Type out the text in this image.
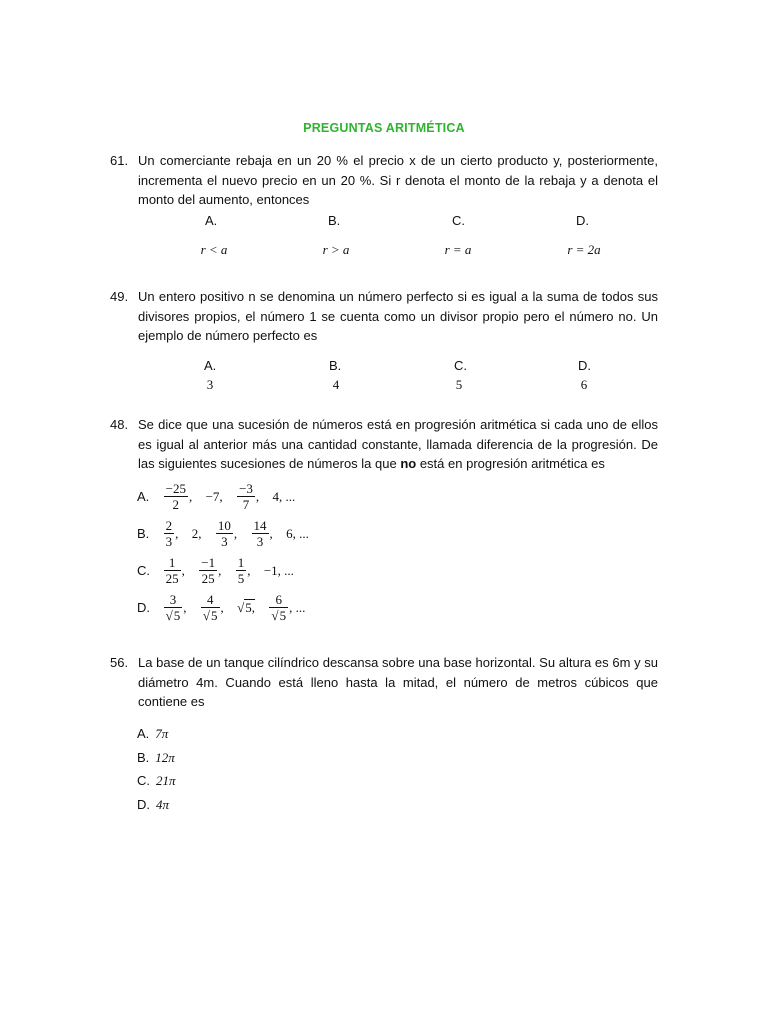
PREGUNTAS ARITMÉTICA
61. Un comerciante rebaja en un 20 % el precio x de un cierto producto y, posteriormente, incrementa el nuevo precio en un 20 %. Si r denota el monto de la rebaja y a denota el monto del aumento, entonces
A.	B.	C.	D.
r < a	r > a	r = a	r = 2a
49. Un entero positivo n se denomina un número perfecto si es igual a la suma de todos sus divisores propios, el número 1 se cuenta como un divisor propio pero el número no. Un ejemplo de número perfecto es
A.	B.	C.	D.
3	4	5	6
48. Se dice que una sucesión de números está en progresión aritmética si cada uno de ellos es igual al anterior más una cantidad constante, llamada diferencia de la progresión. De las siguientes sucesiones de números la que no está en progresión aritmética es
A. $\frac{-25}{2}$ ,    −7, $\frac{-3}{7}$ ,    4, ...
B. $\frac{2}{3}$ ,    2, $\frac{10}{3}$ , $\frac{14}{3}$ ,    6, ...
C. $\frac{1}{25}$ , $\frac{-1}{25}$ , $\frac{1}{5}$ ,    −1, ...
D. $\frac{3}{√5}$ , $\frac{4}{√5}$ ,    √5, $\frac{6}{√5}$ , ...
56. La base de un tanque cilíndrico descansa sobre una base horizontal. Su altura es 6m y su diámetro 4m. Cuando está lleno hasta la mitad, el número de metros cúbicos que contiene es
A. 7π
B. 12π
C. 21π
D. 4π
